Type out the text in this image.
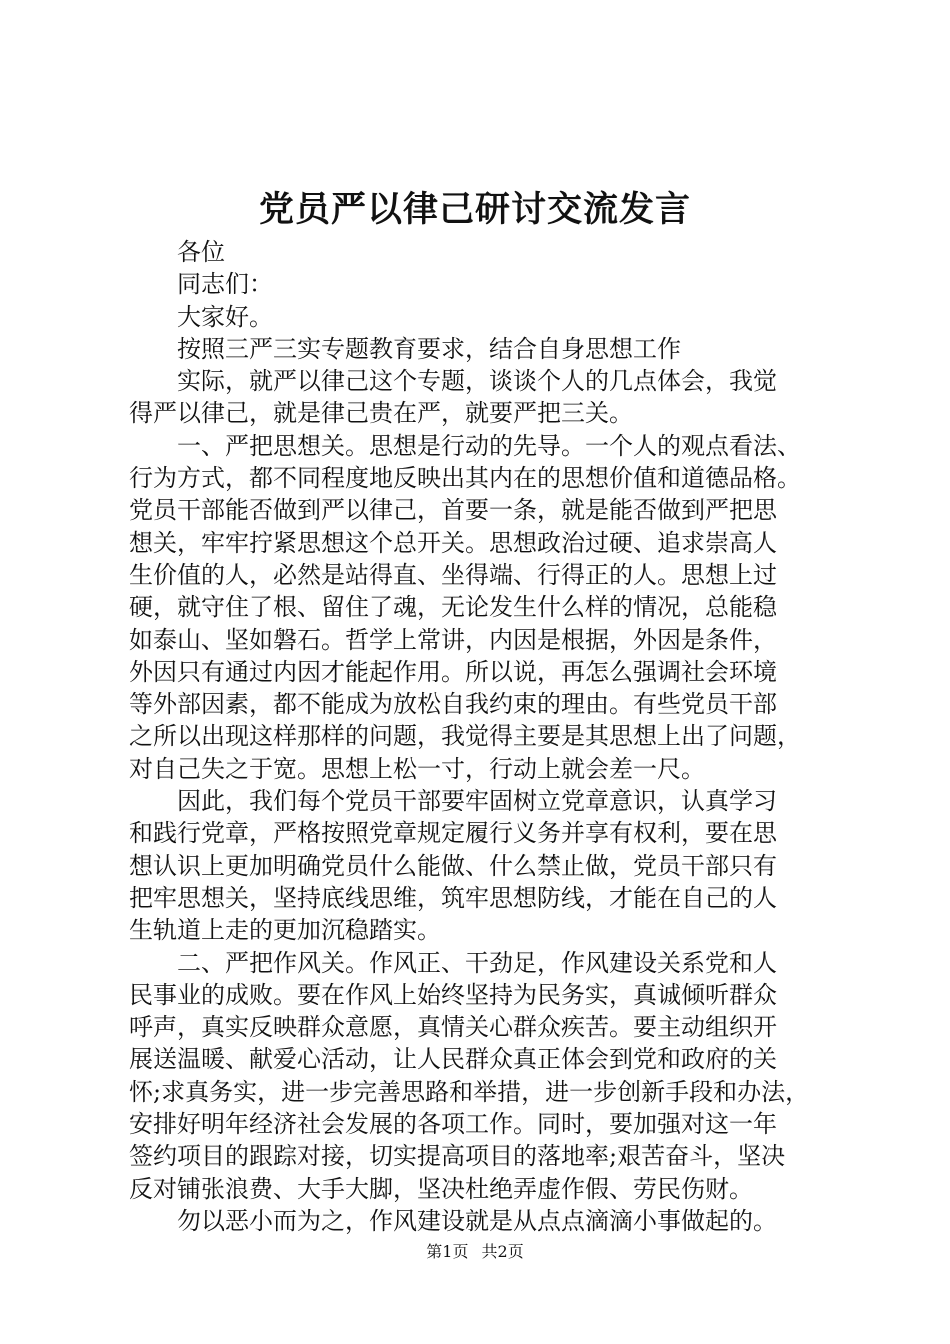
党员严以律己研讨交流发言

各位

同志们：

大家好。

按照三严三实专题教育要求，结合自身思想工作

实际，就严以律己这个专题，谈谈个人的几点体会，我觉
得严以律己，就是律己贵在严，就要严把三关。

一、严把思想关。思想是行动的先导。一个人的观点看法、
行为方式，都不同程度地反映出其内在的思想价值和道德品格。
党员干部能否做到严以律己，首要一条，就是能否做到严把思
想关，牢牢拧紧思想这个总开关。思想政治过硬、追求崇高人
生价值的人，必然是站得直、坐得端、行得正的人。思想上过
硬，就守住了根、留住了魂，无论发生什么样的情况，总能稳
如泰山、坚如磐石。哲学上常讲，内因是根据，外因是条件，
外因只有通过内因才能起作用。所以说，再怎么强调社会环境
等外部因素，都不能成为放松自我约束的理由。有些党员干部
之所以出现这样那样的问题，我觉得主要是其思想上出了问题，
对自己失之于宽。思想上松一寸，行动上就会差一尺。

因此，我们每个党员干部要牢固树立党章意识，认真学习
和践行党章，严格按照党章规定履行义务并享有权利，要在思
想认识上更加明确党员什么能做、什么禁止做，党员干部只有
把牢思想关，坚持底线思维，筑牢思想防线，才能在自己的人
生轨道上走的更加沉稳踏实。

二、严把作风关。作风正、干劲足，作风建设关系党和人
民事业的成败。要在作风上始终坚持为民务实，真诚倾听群众
呼声，真实反映群众意愿，真情关心群众疾苦。要主动组织开
展送温暖、献爱心活动，让人民群众真正体会到党和政府的关
怀;求真务实，进一步完善思路和举措，进一步创新手段和办法，
安排好明年经济社会发展的各项工作。同时，要加强对这一年
签约项目的跟踪对接，切实提高项目的落地率;艰苦奋斗，坚决
反对铺张浪费、大手大脚，坚决杜绝弄虚作假、劳民伤财。

勿以恶小而为之，作风建设就是从点点滴滴小事做起的。

第1页 共2页
